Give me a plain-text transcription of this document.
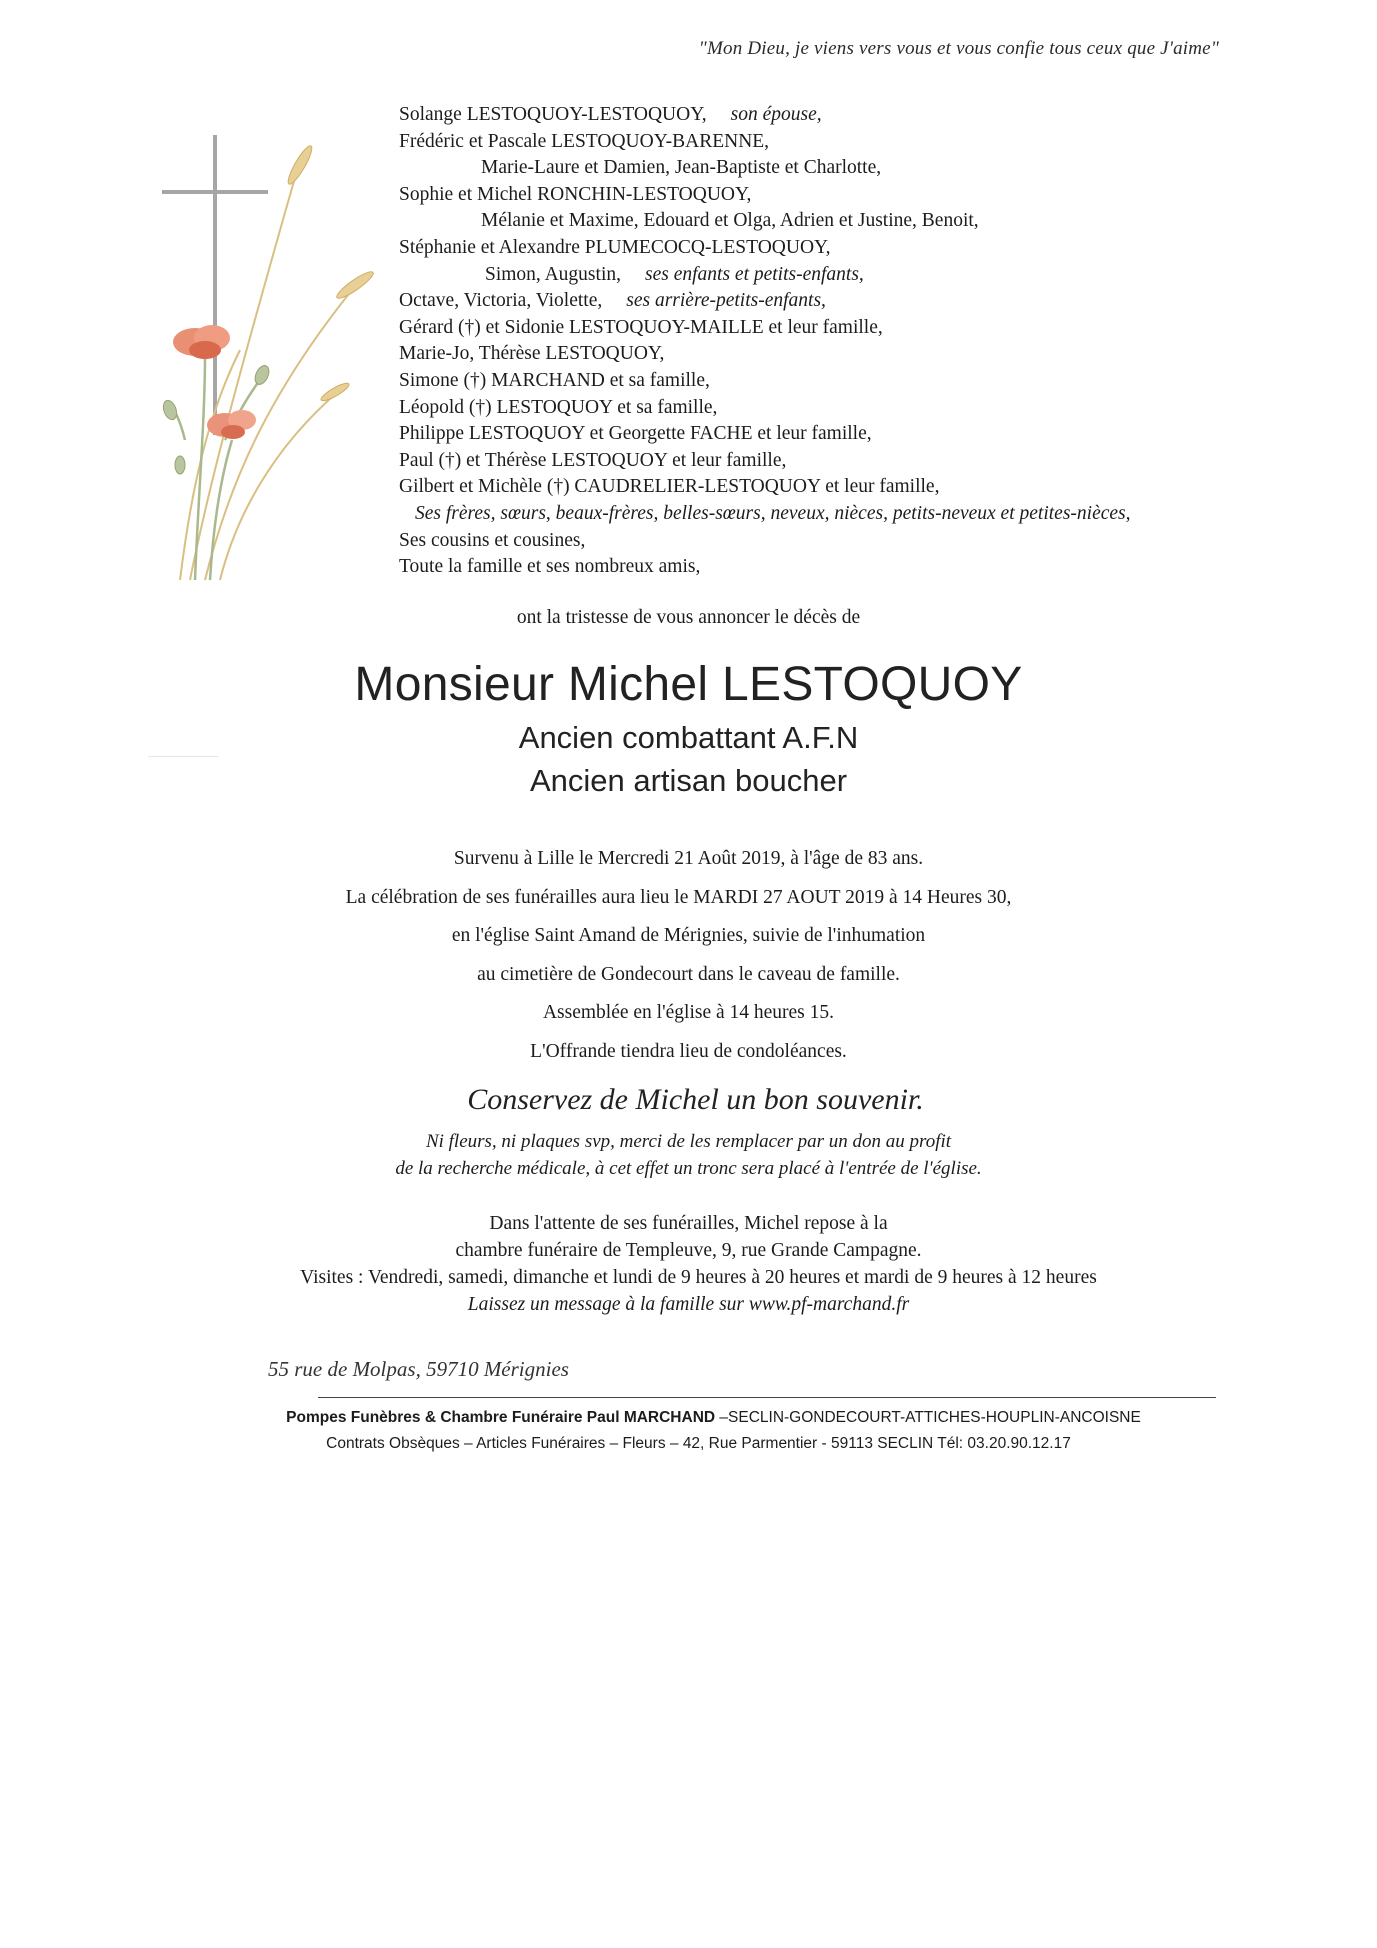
"Mon Dieu, je viens vers vous et vous confie tous ceux que J'aime"
Solange LESTOQUOY-LESTOQUOY, son épouse,
Frédéric et Pascale LESTOQUOY-BARENNE,
Marie-Laure et Damien, Jean-Baptiste et Charlotte,
Sophie et Michel RONCHIN-LESTOQUOY,
Mélanie et Maxime, Edouard et Olga, Adrien et Justine, Benoit,
Stéphanie et Alexandre PLUMECOCQ-LESTOQUOY,
Simon, Augustin, ses enfants et petits-enfants,
Octave, Victoria, Violette, ses arrière-petits-enfants,
Gérard (†) et Sidonie LESTOQUOY-MAILLE et leur famille,
Marie-Jo, Thérèse LESTOQUOY,
Simone (†) MARCHAND et sa famille,
Léopold (†) LESTOQUOY et sa famille,
Philippe LESTOQUOY et Georgette FACHE et leur famille,
Paul (†) et Thérèse LESTOQUOY et leur famille,
Gilbert et Michèle (†) CAUDRELIER-LESTOQUOY et leur famille,
Ses frères, sœurs, beaux-frères, belles-sœurs, neveux, nièces, petits-neveux et petites-nièces,
Ses cousins et cousines,
Toute la famille et ses nombreux amis,
ont la tristesse de vous annoncer le décès de
Monsieur Michel LESTOQUOY
Ancien combattant A.F.N
Ancien artisan boucher
Survenu à Lille le Mercredi 21 Août 2019, à l'âge de 83 ans.
La célébration de ses funérailles aura lieu le MARDI 27 AOUT 2019 à 14 Heures 30,
en l'église Saint Amand de Mérignies, suivie de l'inhumation
au cimetière de Gondecourt dans le caveau de famille.
Assemblée en l'église à 14 heures 15.
L'Offrande tiendra lieu de condoléances.
Conservez de Michel un bon souvenir.
Ni fleurs, ni plaques svp, merci de les remplacer par un don au profit
de la recherche médicale, à cet effet un tronc sera placé à l'entrée de l'église.
Dans l'attente de ses funérailles, Michel repose à la
chambre funéraire de Templeuve, 9, rue Grande Campagne.
Visites : Vendredi, samedi, dimanche et lundi de 9 heures à 20 heures et mardi de 9 heures à 12 heures
Laissez un message à la famille sur www.pf-marchand.fr
55 rue de Molpas, 59710 Mérignies
Pompes Funèbres & Chambre Funéraire Paul MARCHAND –SECLIN-GONDECOURT-ATTICHES-HOUPLIN-ANCOISNE
Contrats Obsèques – Articles Funéraires – Fleurs – 42, Rue Parmentier - 59113 SECLIN Tél: 03.20.90.12.17
